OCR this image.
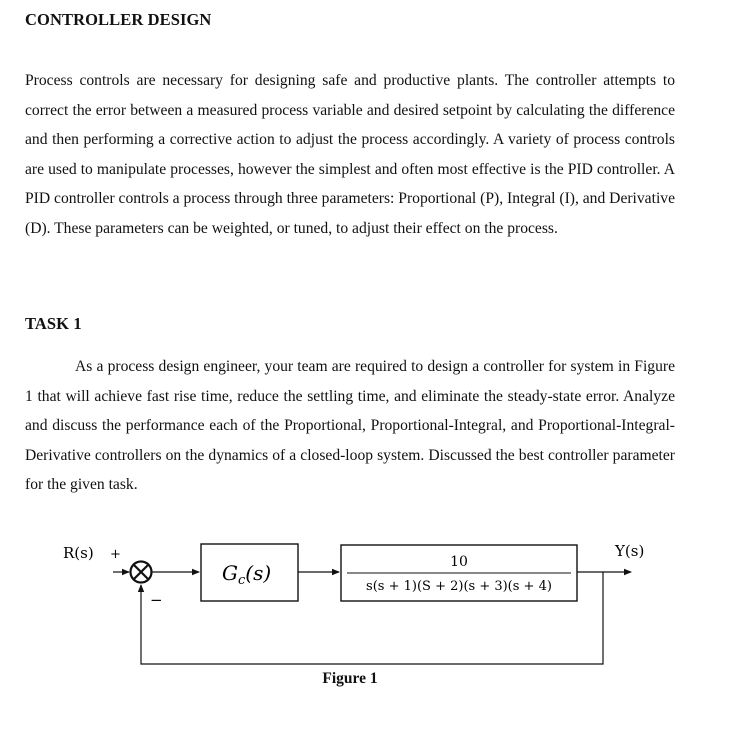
CONTROLLER DESIGN
Process controls are necessary for designing safe and productive plants. The controller attempts to correct the error between a measured process variable and desired setpoint by calculating the difference and then performing a corrective action to adjust the process accordingly. A variety of process controls are used to manipulate processes, however the simplest and often most effective is the PID controller. A PID controller controls a process through three parameters: Proportional (P), Integral (I), and Derivative (D). These parameters can be weighted, or tuned, to adjust their effect on the process.
TASK 1
As a process design engineer, your team are required to design a controller for system in Figure 1 that will achieve fast rise time, reduce the settling time, and eliminate the steady-state error. Analyze and discuss the performance each of the Proportional, Proportional-Integral, and Proportional-Integral-Derivative controllers on the dynamics of a closed-loop system. Discussed the best controller parameter for the given task.
R(s) +
−
$G_c(s)$	10
s(s + 1)(S + 2)(s + 3)(s + 4)
Y(s)
Figure 1
